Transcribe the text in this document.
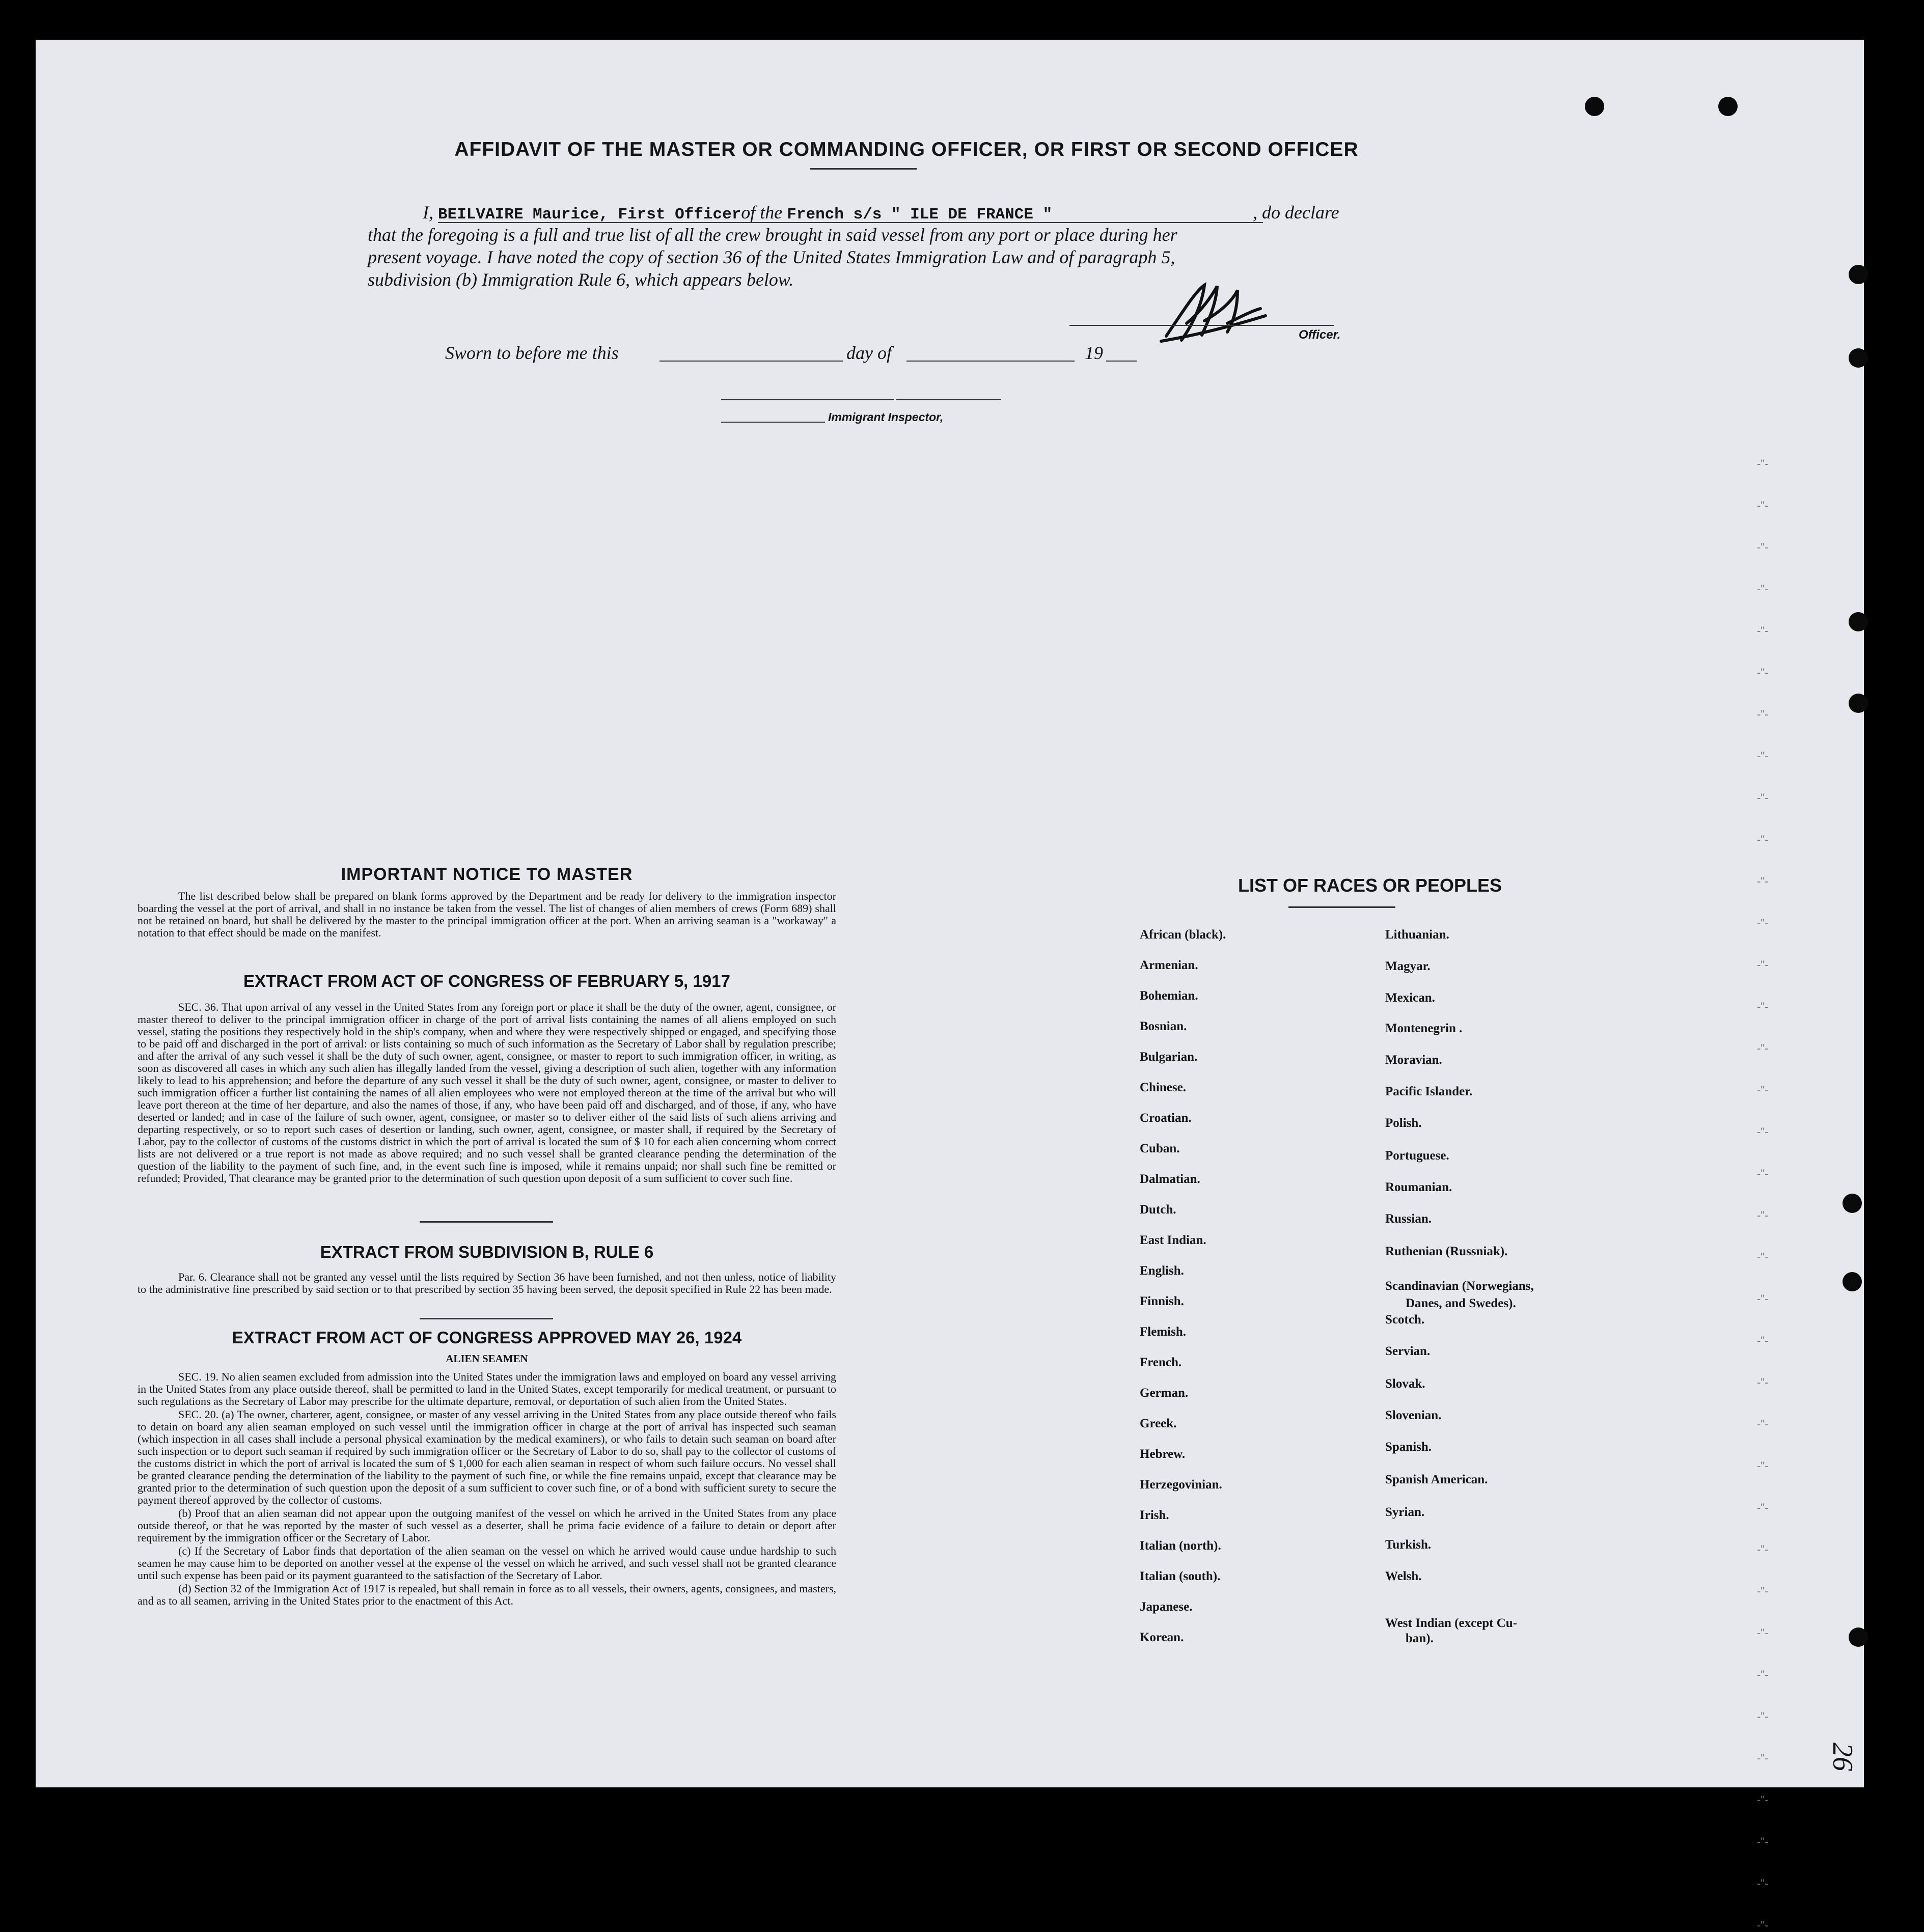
AFFIDAVIT OF THE MASTER OR COMMANDING OFFICER, OR FIRST OR SECOND OFFICER
I, BEILVAIRE Maurice, First Officerof the French s/s " ILE DE FRANCE "	, do declare
that the foregoing is a full and true list of all the crew brought in said vessel from any port or place during her
present voyage. I have noted the copy of section 36 of the United States Immigration Law and of paragraph 5,
subdivision (b) Immigration Rule 6, which appears below.
Officer.
Sworn to before me this	day of	19
Immigrant Inspector,
IMPORTANT NOTICE TO MASTER
The list described below shall be prepared on blank forms approved by the Department and be ready for delivery to the immigration inspector boarding the vessel at the port of arrival, and shall in no instance be taken from the vessel. The list of changes of alien members of crews (Form 689) shall not be retained on board, but shall be delivered by the master to the principal immigration officer at the port. When an arriving seaman is a "workaway" a notation to that effect should be made on the manifest.
EXTRACT FROM ACT OF CONGRESS OF FEBRUARY 5, 1917
SEC. 36. That upon arrival of any vessel in the United States from any foreign port or place it shall be the duty of the owner, agent, consignee, or master thereof to deliver to the principal immigration officer in charge of the port of arrival lists containing the names of all aliens employed on such vessel, stating the positions they respectively hold in the ship's company, when and where they were respectively shipped or engaged, and specifying those to be paid off and discharged in the port of arrival: or lists containing so much of such information as the Secretary of Labor shall by regulation prescribe; and after the arrival of any such vessel it shall be the duty of such owner, agent, consignee, or master to report to such immigration officer, in writing, as soon as discovered all cases in which any such alien has illegally landed from the vessel, giving a description of such alien, together with any information likely to lead to his apprehension; and before the departure of any such vessel it shall be the duty of such owner, agent, consignee, or master to deliver to such immigration officer a further list containing the names of all alien employees who were not employed thereon at the time of the arrival but who will leave port thereon at the time of her departure, and also the names of those, if any, who have been paid off and discharged, and of those, if any, who have deserted or landed; and in case of the failure of such owner, agent, consignee, or master so to deliver either of the said lists of such aliens arriving and departing respectively, or so to report such cases of desertion or landing, such owner, agent, consignee, or master shall, if required by the Secretary of Labor, pay to the collector of customs of the customs district in which the port of arrival is located the sum of $ 10 for each alien concerning whom correct lists are not delivered or a true report is not made as above required; and no such vessel shall be granted clearance pending the determination of the question of the liability to the payment of such fine, and, in the event such fine is imposed, while it remains unpaid; nor shall such fine be remitted or refunded; Provided, That clearance may be granted prior to the determination of such question upon deposit of a sum sufficient to cover such fine.
EXTRACT FROM SUBDIVISION B, RULE 6
Par. 6. Clearance shall not be granted any vessel until the lists required by Section 36 have been furnished, and not then unless, notice of liability to the administrative fine prescribed by said section or to that prescribed by section 35 having been served, the deposit specified in Rule 22 has been made.
EXTRACT FROM ACT OF CONGRESS APPROVED MAY 26, 1924
ALIEN SEAMEN

SEC. 19. No alien seamen excluded from admission into the United States under the immigration laws and employed on board any vessel arriving in the United States from any place outside thereof, shall be permitted to land in the United States, except temporarily for medical treatment, or pursuant to such regulations as the Secretary of Labor may prescribe for the ultimate departure, removal, or deportation of such alien from the United States.

SEC. 20. (a) The owner, charterer, agent, consignee, or master of any vessel arriving in the United States from any place outside thereof who fails to detain on board any alien seaman employed on such vessel until the immigration officer in charge at the port of arrival has inspected such seaman (which inspection in all cases shall include a personal physical examination by the medical examiners), or who fails to detain such seaman on board after such inspection or to deport such seaman if required by such immigration officer or the Secretary of Labor to do so, shall pay to the collector of customs of the customs district in which the port of arrival is located the sum of $ 1,000 for each alien seaman in respect of whom such failure occurs. No vessel shall be granted clearance pending the determination of the liability to the payment of such fine, or while the fine remains unpaid, except that clearance may be granted prior to the determination of such question upon the deposit of a sum sufficient to cover such fine, or of a bond with sufficient surety to secure the payment thereof approved by the collector of customs.

(b) Proof that an alien seaman did not appear upon the outgoing manifest of the vessel on which he arrived in the United States from any place outside thereof, or that he was reported by the master of such vessel as a deserter, shall be prima facie evidence of a failure to detain or deport after requirement by the immigration officer or the Secretary of Labor.

(c) If the Secretary of Labor finds that deportation of the alien seaman on the vessel on which he arrived would cause undue hardship to such seamen he may cause him to be deported on another vessel at the expense of the vessel on which he arrived, and such vessel shall not be granted clearance until such expense has been paid or its payment guaranteed to the satisfaction of the Secretary of Labor.

(d) Section 32 of the Immigration Act of 1917 is repealed, but shall remain in force as to all vessels, their owners, agents, consignees, and masters, and as to all seamen, arriving in the United States prior to the enactment of this Act.

LIST OF RACES OR PEOPLES
African (black).
Armenian.
Bohemian.
Bosnian.
Bulgarian.
Chinese.
Croatian.
Cuban.
Dalmatian.
Dutch.
East Indian.
English.
Finnish.
Flemish.
French.
German.
Greek.
Hebrew.
Herzegovinian.
Irish.
Italian (north).
Italian (south).
Japanese.
Korean.
Lithuanian.
Magyar.
Mexican.
Montenegrin .
Moravian.
Pacific Islander.
Polish.
Portuguese.
Roumanian.
Russian.
Ruthenian (Russniak).
Scandinavian (Norwegians,
Scotch.
Servian.
Slovak.
Slovenian.
Spanish.
Spanish American.
Syrian.
Turkish.
Welsh.
West Indian (except Cu-
Danes, and Swedes).
ban).
-"-
-"-
-"-
-"-
-"-
-"-
-"-
-"-
-"-
-"-
-"-
-"-
-"-
-"-
-"-
-"-
-"-
-"-
-"-
-"-
-"-
-"-
-"-
-"-
-"-
-"-
-"-
-"-
-"-
-"-
-"-
-"-
-"-
-"-
-"-
-"-
26
